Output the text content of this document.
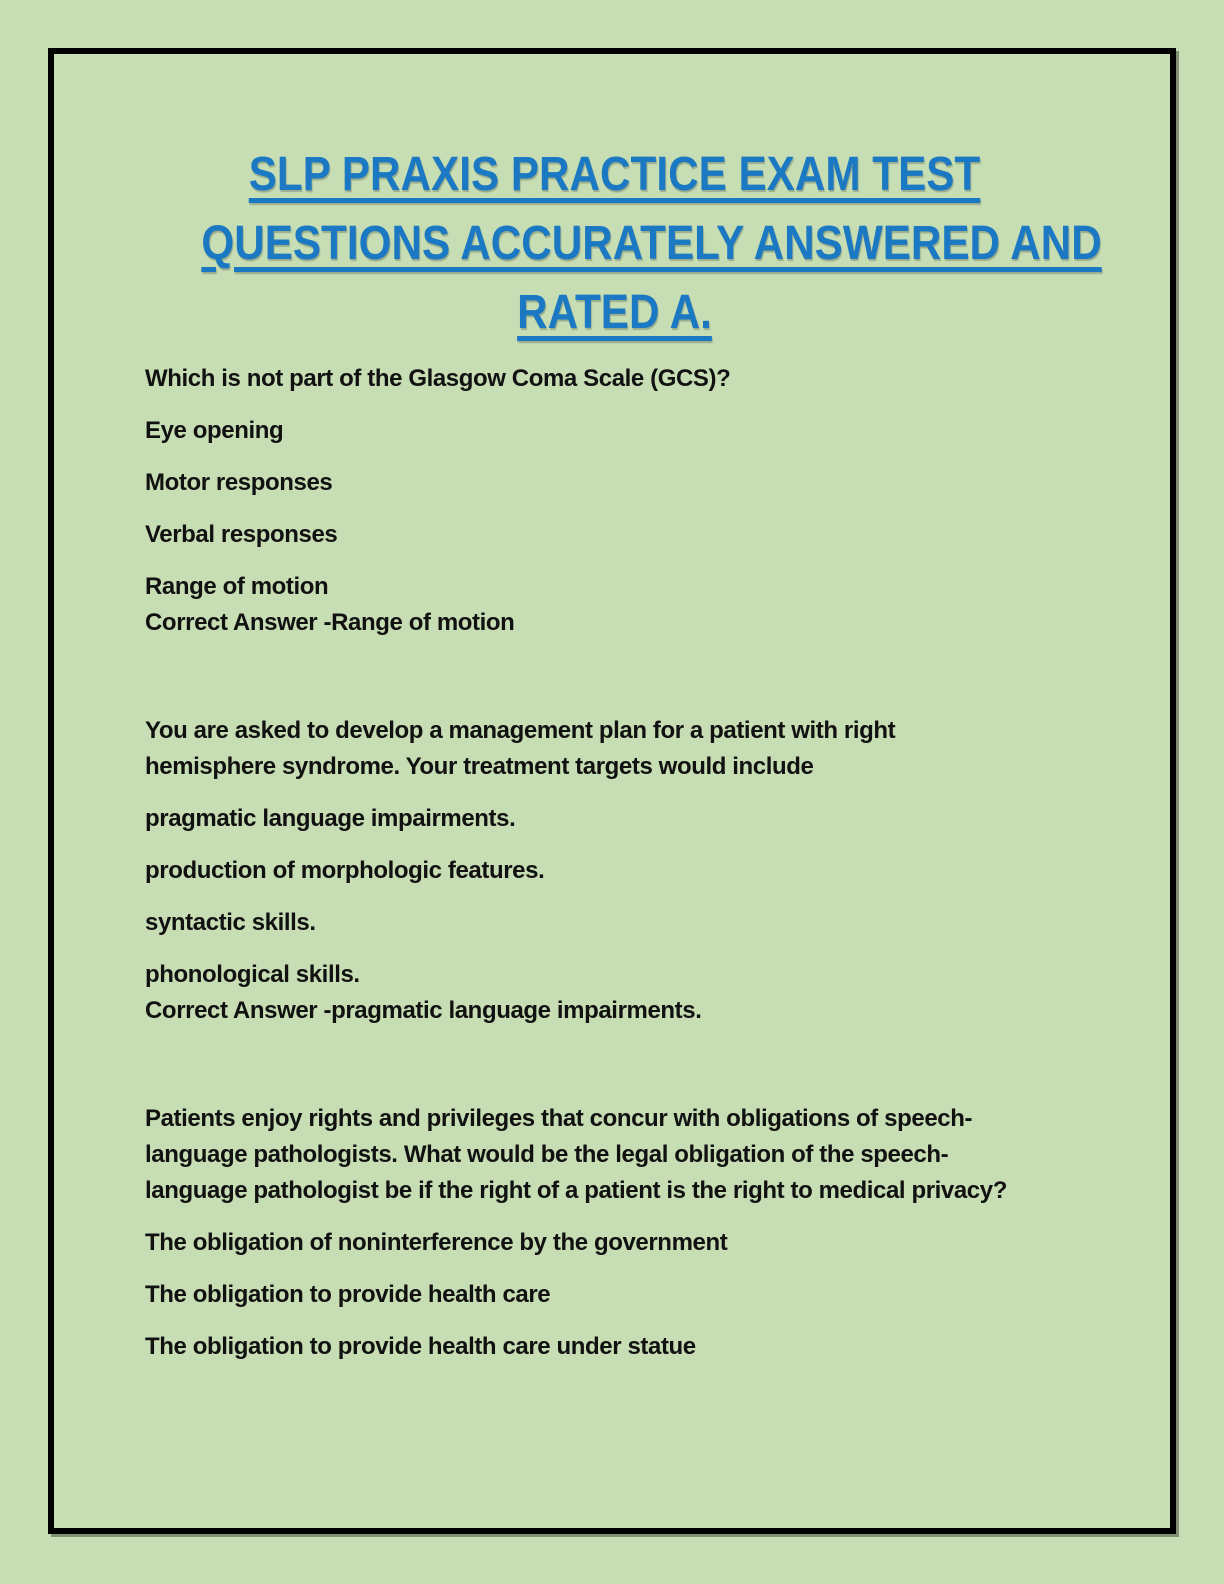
SLP PRAXIS PRACTICE EXAM TEST
QUESTIONS ACCURATELY ANSWERED AND
RATED A.

Which is not part of the Glasgow Coma Scale (GCS)?

Eye opening

Motor responses

Verbal responses

Range of motion
Correct Answer -Range of motion

You are asked to develop a management plan for a patient with right
hemisphere syndrome. Your treatment targets would include

pragmatic language impairments.

production of morphologic features.

syntactic skills.

phonological skills.
Correct Answer -pragmatic language impairments.

Patients enjoy rights and privileges that concur with obligations of speech-
language pathologists. What would be the legal obligation of the speech-
language pathologist be if the right of a patient is the right to medical privacy?

The obligation of noninterference by the government

The obligation to provide health care

The obligation to provide health care under statue
